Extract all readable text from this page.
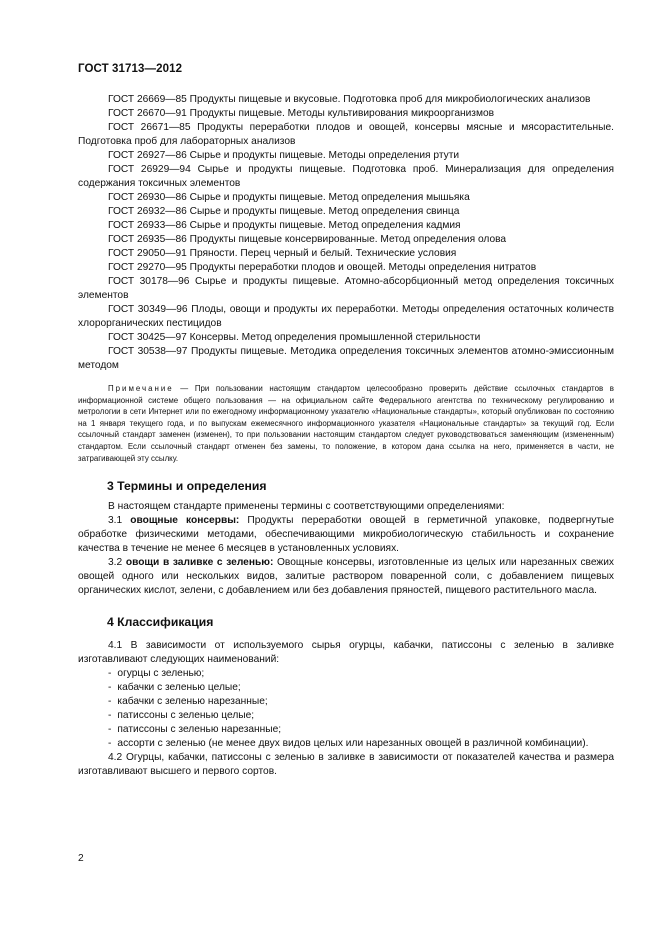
ГОСТ 31713—2012

ГОСТ 26669—85 Продукты пищевые и вкусовые. Подготовка проб для микробиологических анализов

ГОСТ 26670—91 Продукты пищевые. Методы культивирования микроорганизмов

ГОСТ 26671—85 Продукты переработки плодов и овощей, консервы мясные и мясорастительные. Подготовка проб для лабораторных анализов

ГОСТ 26927—86 Сырье и продукты пищевые. Методы определения ртути

ГОСТ 26929—94 Сырье и продукты пищевые. Подготовка проб. Минерализация для определения содержания токсичных элементов

ГОСТ 26930—86 Сырье и продукты пищевые. Метод определения мышьяка

ГОСТ 26932—86 Сырье и продукты пищевые. Метод определения свинца

ГОСТ 26933—86 Сырье и продукты пищевые. Метод определения кадмия

ГОСТ 26935—86 Продукты пищевые консервированные. Метод определения олова

ГОСТ 29050—91 Пряности. Перец черный и белый. Технические условия

ГОСТ 29270—95 Продукты переработки плодов и овощей. Методы определения нитратов

ГОСТ 30178—96 Сырье и продукты пищевые. Атомно-абсорбционный метод определения токсичных элементов

ГОСТ 30349—96 Плоды, овощи и продукты их переработки. Методы определения остаточных количеств хлорорганических пестицидов

ГОСТ 30425—97 Консервы. Метод определения промышленной стерильности

ГОСТ 30538—97 Продукты пищевые. Методика определения токсичных элементов атомно-эмиссионным методом

Примечание — При пользовании настоящим стандартом целесообразно проверить действие ссылочных стандартов в информационной системе общего пользования — на официальном сайте Федерального агентства по техническому регулированию и метрологии в сети Интернет или по ежегодному информационному указателю «Национальные стандарты», который опубликован по состоянию на 1 января текущего года, и по выпускам ежемесячного информационного указателя «Национальные стандарты» за текущий год. Если ссылочный стандарт заменен (изменен), то при пользовании настоящим стандартом следует руководствоваться заменяющим (измененным) стандартом. Если ссылочный стандарт отменен без замены, то положение, в котором дана ссылка на него, применяется в части, не затрагивающей эту ссылку.
3 Термины и определения

В настоящем стандарте применены термины с соответствующими определениями:

3.1 овощные консервы: Продукты переработки овощей в герметичной упаковке, подвергнутые обработке физическими методами, обеспечивающими микробиологическую стабильность и сохранение качества в течение не менее 6 месяцев в установленных условиях.

3.2 овощи в заливке с зеленью: Овощные консервы, изготовленные из целых или нарезанных свежих овощей одного или нескольких видов, залитые раствором поваренной соли, с добавлением пищевых органических кислот, зелени, с добавлением или без добавления пряностей, пищевого растительного масла.

4 Классификация

4.1 В зависимости от используемого сырья огурцы, кабачки, патиссоны с зеленью в заливке изготавливают следующих наименований:

- огурцы с зеленью;
- кабачки с зеленью целые;
- кабачки с зеленью нарезанные;
- патиссоны с зеленью целые;
- патиссоны с зеленью нарезанные;
- ассорти с зеленью (не менее двух видов целых или нарезанных овощей в различной комбинации).

4.2 Огурцы, кабачки, патиссоны с зеленью в заливке в зависимости от показателей качества и размера изготавливают высшего и первого сортов.

2
